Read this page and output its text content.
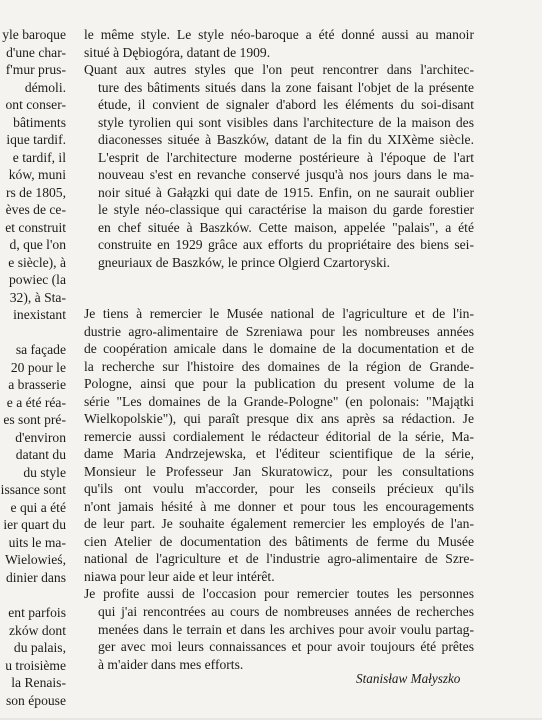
yle baroque
d'une char-
f'mur prus-
démoli.
ont conser-
bâtiments
ique tardif.
e tardif, il
ków, muni
rs de 1805,
èves de ce-
et construit
d, que l'on
e siècle), à
powiec (la
32), à Sta-
inexistant
sa façade
20 pour le
a brasserie
e a été réa-
es sont pré-
d'environ
datant du
du style
issance sont
e qui a été
ier quart du
uits le ma-
Wielowieś,
dinier dans
ent parfois
zków dont
du palais,
u troisième
la Renais-
son épouse
le même style. Le style néo-baroque a été donné aussi au manoir
situé à Dębiogóra, datant de 1909.
Quant aux autres styles que l'on peut rencontrer dans l'architec-
ture des bâtiments situés dans la zone faisant l'objet de la présente
étude, il convient de signaler d'abord les éléments du soi-disant
style tyrolien qui sont visibles dans l'architecture de la maison des
diaconesses située à Baszków, datant de la fin du XIXème siècle.
L'esprit de l'architecture moderne postérieure à l'époque de l'art
nouveau s'est en revanche conservé jusqu'à nos jours dans le ma-
noir situé à Gałązki qui date de 1915. Enfin, on ne saurait oublier
le style néo-classique qui caractérise la maison du garde forestier
en chef située à Baszków. Cette maison, appelée "palais", a été
construite en 1929 grâce aux efforts du propriétaire des biens sei-
gneuriaux de Baszków, le prince Olgierd Czartoryski.
Je tiens à remercier le Musée national de l'agriculture et de l'in-
dustrie agro-alimentaire de Szreniawa pour les nombreuses années
de coopération amicale dans le domaine de la documentation et de
la recherche sur l'histoire des domaines de la région de Grande-
Pologne, ainsi que pour la publication du present volume de la
série "Les domaines de la Grande-Pologne" (en polonais: "Majątki
Wielkopolskie"), qui paraît presque dix ans après sa rédaction. Je
remercie aussi cordialement le rédacteur éditorial de la série, Ma-
dame Maria Andrzejewska, et l'éditeur scientifique de la série,
Monsieur le Professeur Jan Skuratowicz, pour les consultations
qu'ils ont voulu m'accorder, pour les conseils précieux qu'ils
n'ont jamais hésité à me donner et pour tous les encouragements
de leur part. Je souhaite également remercier les employés de l'an-
cien Atelier de documentation des bâtiments de ferme du Musée
national de l'agriculture et de l'industrie agro-alimentaire de Szre-
niawa pour leur aide et leur intérêt.
Je profite aussi de l'occasion pour remercier toutes les personnes
qui j'ai rencontrées au cours de nombreuses années de recherches
menées dans le terrain et dans les archives pour avoir voulu partag-
ger avec moi leurs connaissances et pour avoir toujours été prêtes
à m'aider dans mes efforts.
Stanisław Małyszko
